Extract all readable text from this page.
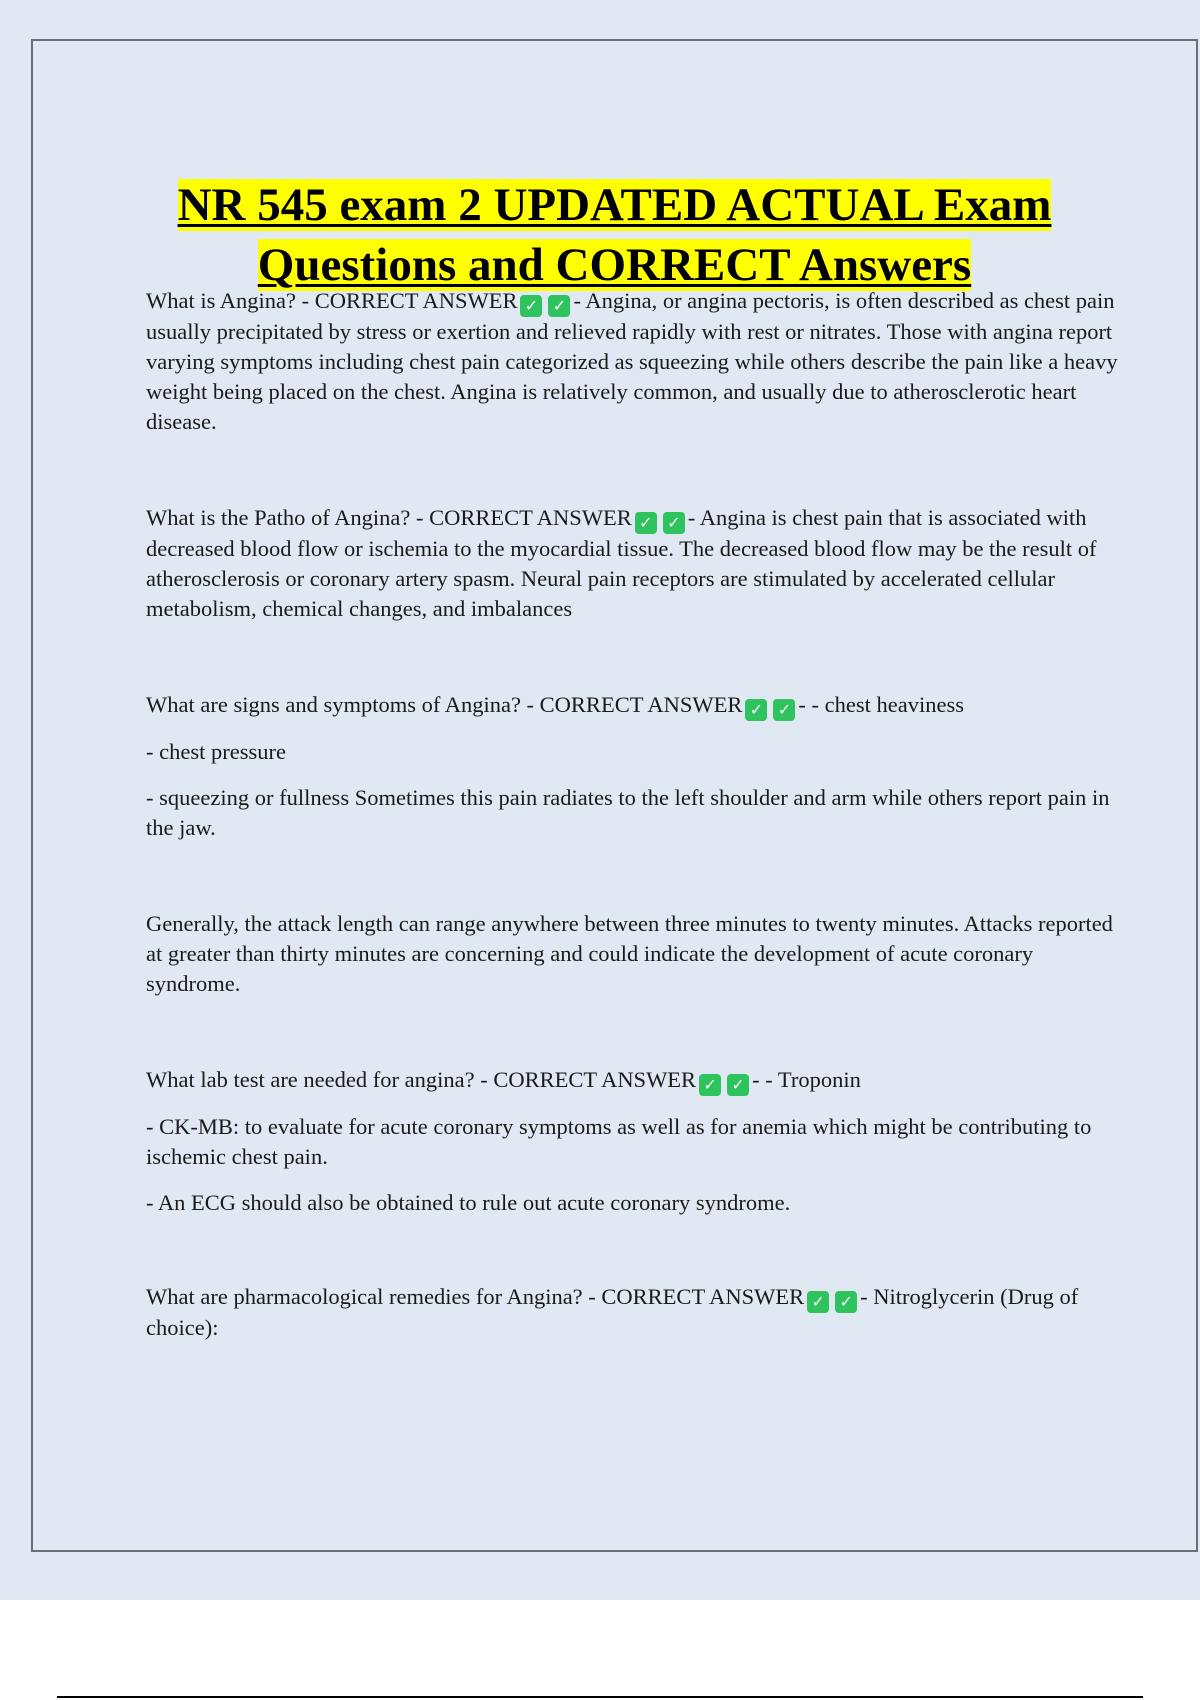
NR 545 exam 2 UPDATED ACTUAL Exam
Questions and CORRECT Answers

What is Angina? - CORRECT ANSWER ✓ ✓ - Angina, or angina pectoris, is often described as chest pain usually precipitated by stress or exertion and relieved rapidly with rest or nitrates. Those with angina report varying symptoms including chest pain categorized as squeezing while others describe the pain like a heavy weight being placed on the chest. Angina is relatively common, and usually due to atherosclerotic heart disease.

What is the Patho of Angina? - CORRECT ANSWER ✓ ✓ - Angina is chest pain that is associated with decreased blood flow or ischemia to the myocardial tissue. The decreased blood flow may be the result of atherosclerosis or coronary artery spasm. Neural pain receptors are stimulated by accelerated cellular metabolism, chemical changes, and imbalances

What are signs and symptoms of Angina? - CORRECT ANSWER ✓ ✓ - - chest heaviness

- chest pressure

- squeezing or fullness Sometimes this pain radiates to the left shoulder and arm while others report pain in the jaw.

Generally, the attack length can range anywhere between three minutes to twenty minutes. Attacks reported at greater than thirty minutes are concerning and could indicate the development of acute coronary syndrome.

What lab test are needed for angina? - CORRECT ANSWER ✓ ✓ - - Troponin

- CK-MB: to evaluate for acute coronary symptoms as well as for anemia which might be contributing to ischemic chest pain.

- An ECG should also be obtained to rule out acute coronary syndrome.

What are pharmacological remedies for Angina? - CORRECT ANSWER ✓ ✓ - Nitroglycerin (Drug of choice):
